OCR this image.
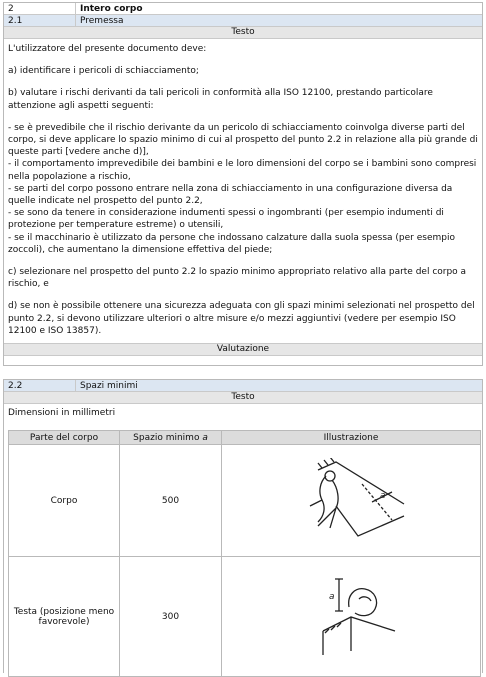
2	Intero corpo
2.1	Premessa
Testo

L'utilizzatore del presente documento deve:

a) identificare i pericoli di schiacciamento;

b) valutare i rischi derivanti da tali pericoli in conformità alla ISO 12100, prestando particolare attenzione agli aspetti seguenti:

- se è prevedibile che il rischio derivante da un pericolo di schiacciamento coinvolga diverse parti del corpo, si deve applicare lo spazio minimo di cui al prospetto del punto 2.2 in relazione alla più grande di queste parti [vedere anche d)],
- il comportamento imprevedibile dei bambini e le loro dimensioni del corpo se i bambini sono compresi nella popolazione a rischio,
- se parti del corpo possono entrare nella zona di schiacciamento in una configurazione diversa da quelle indicate nel prospetto del punto 2.2,
- se sono da tenere in considerazione indumenti spessi o ingombranti (per esempio indumenti di protezione per temperature estreme) o utensili,
- se il macchinario è utilizzato da persone che indossano calzature dalla suola spessa (per esempio zoccoli), che aumentano la dimensione effettiva del piede;

c) selezionare nel prospetto del punto 2.2 lo spazio minimo appropriato relativo alla parte del corpo a rischio, e

d) se non è possibile ottenere una sicurezza adeguata con gli spazi minimi selezionati nel prospetto del punto 2.2, si devono utilizzare ulteriori o altre misure e/o mezzi aggiuntivi (vedere per esempio ISO 12100 e ISO 13857).

Valutazione
2.2	Spazi minimi
Testo

Dimensioni in millimetri

Parte del corpo	Spazio minimo a	Illustrazione
Corpo	500	a

Testa (posizione meno favorevole)	300	a
